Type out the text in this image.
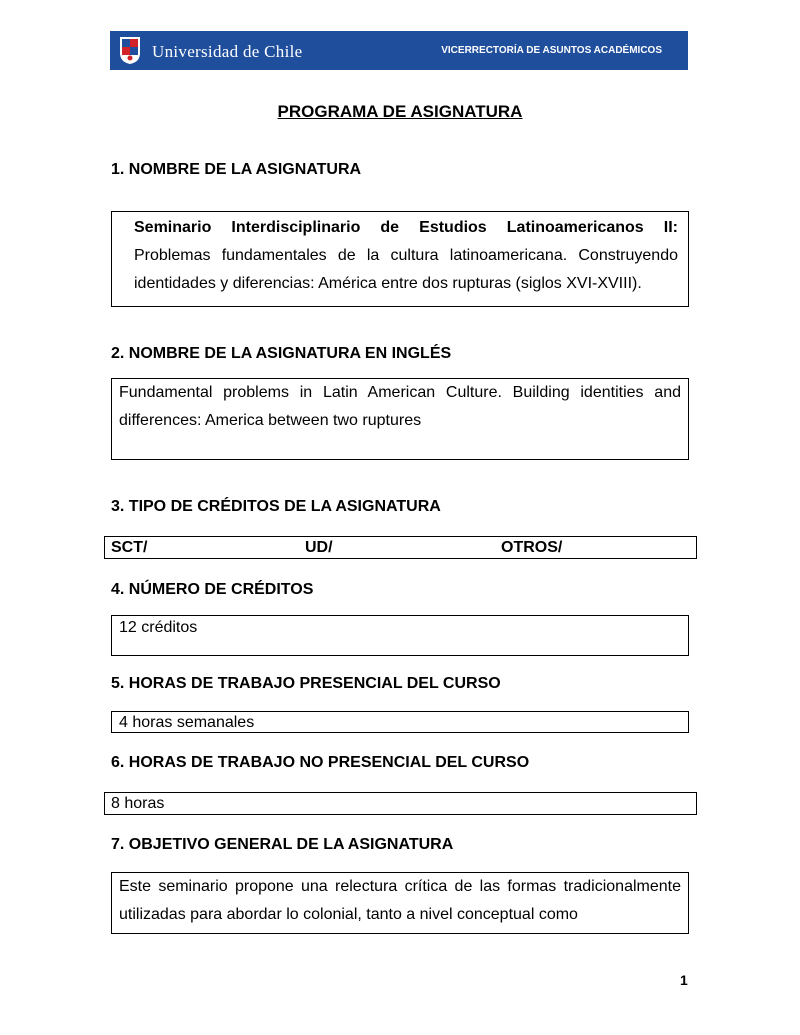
Universidad de Chile	VICERRECTORÍA DE ASUNTOS ACADÉMICOS
PROGRAMA DE ASIGNATURA
1. NOMBRE DE LA ASIGNATURA
Seminario Interdisciplinario de Estudios Latinoamericanos II: Problemas fundamentales de la cultura latinoamericana. Construyendo identidades y diferencias: América entre dos rupturas (siglos XVI-XVIII).
2. NOMBRE DE LA ASIGNATURA EN INGLÉS
Fundamental problems in Latin American Culture. Building identities and differences: America between two ruptures
3. TIPO DE CRÉDITOS DE LA ASIGNATURA
SCT/	UD/	OTROS/
4. NÚMERO DE CRÉDITOS
12 créditos
5. HORAS DE TRABAJO PRESENCIAL DEL CURSO
4 horas semanales
6. HORAS DE TRABAJO NO PRESENCIAL DEL CURSO
8 horas
7. OBJETIVO GENERAL DE LA ASIGNATURA
Este seminario propone una relectura crítica de las formas tradicionalmente utilizadas para abordar lo colonial, tanto a nivel conceptual como
1
